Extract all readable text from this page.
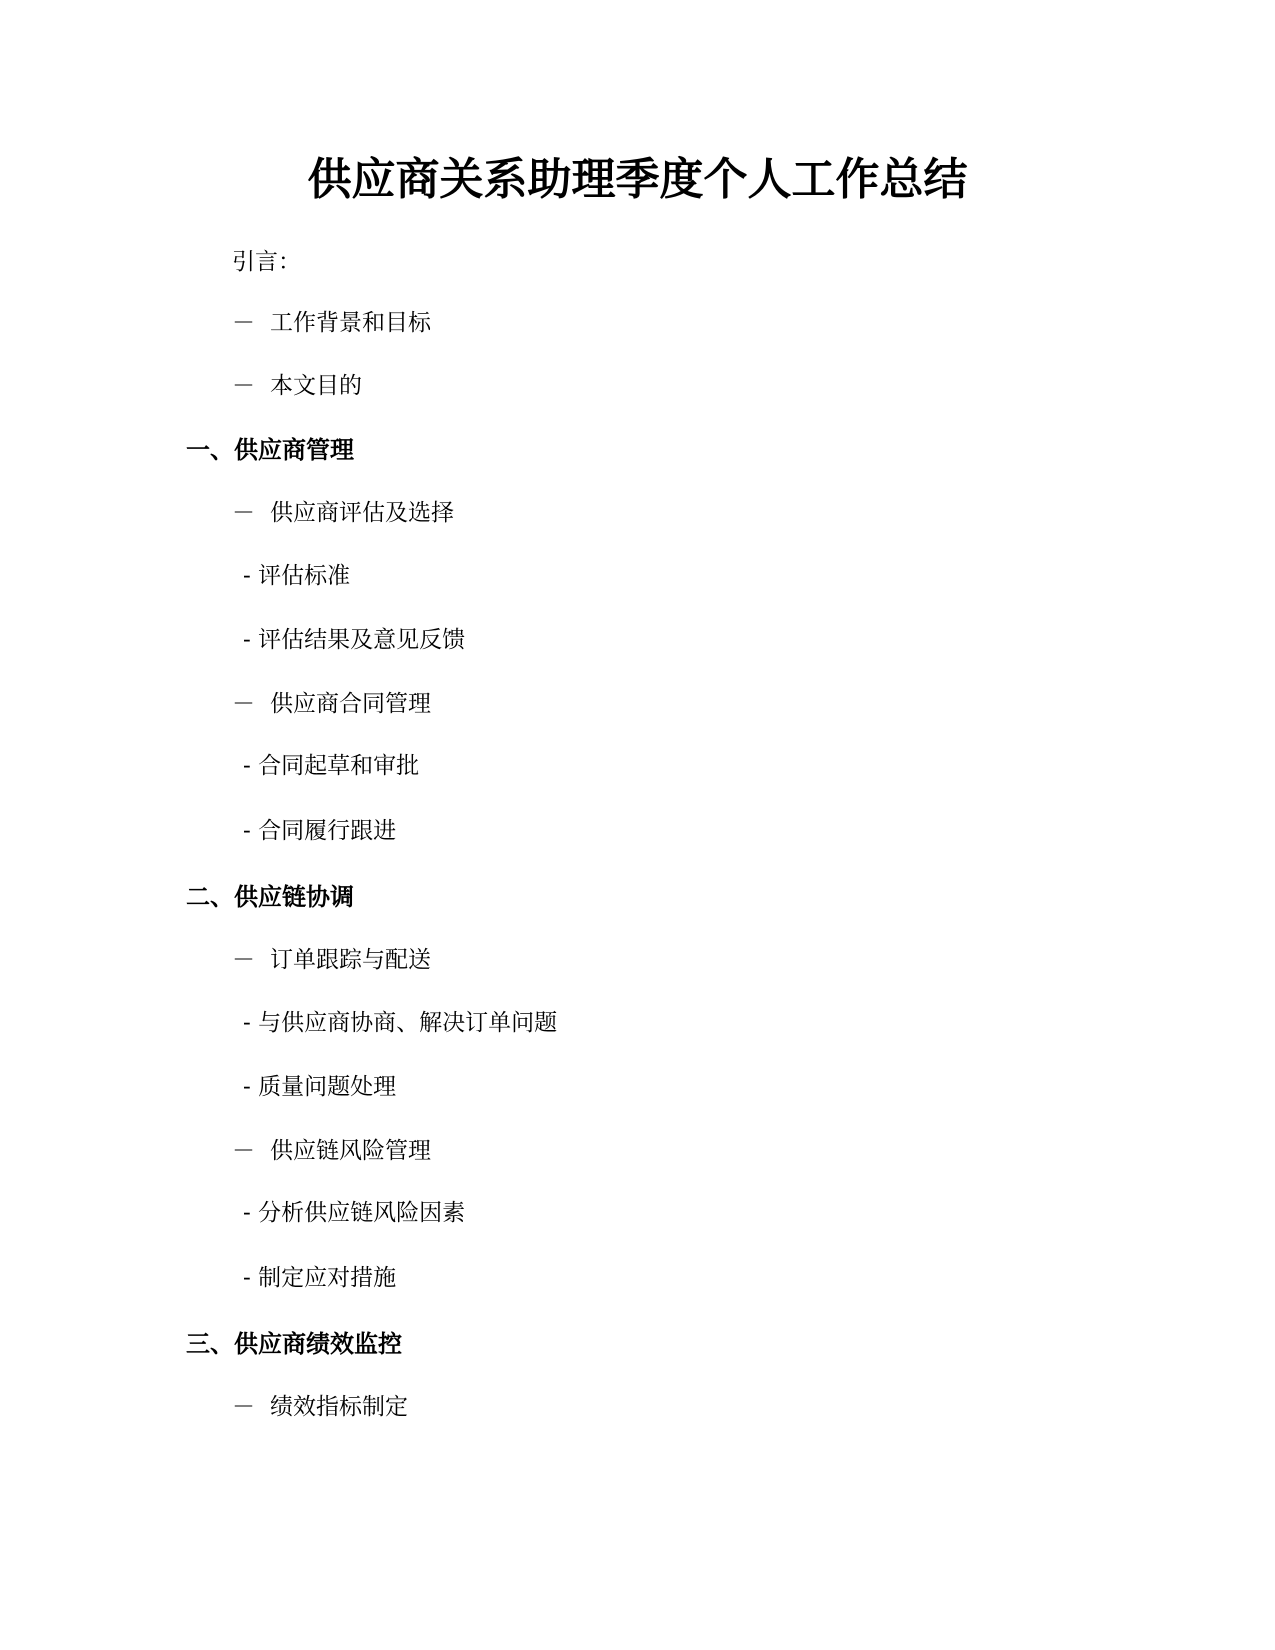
供应商关系助理季度个人工作总结
引言：
－ 工作背景和目标
－ 本文目的
一、供应商管理
－ 供应商评估及选择
- 评估标准
- 评估结果及意见反馈
－ 供应商合同管理
- 合同起草和审批
- 合同履行跟进
二、供应链协调
－ 订单跟踪与配送
- 与供应商协商、解决订单问题
- 质量问题处理
－ 供应链风险管理
- 分析供应链风险因素
- 制定应对措施
三、供应商绩效监控
－ 绩效指标制定
